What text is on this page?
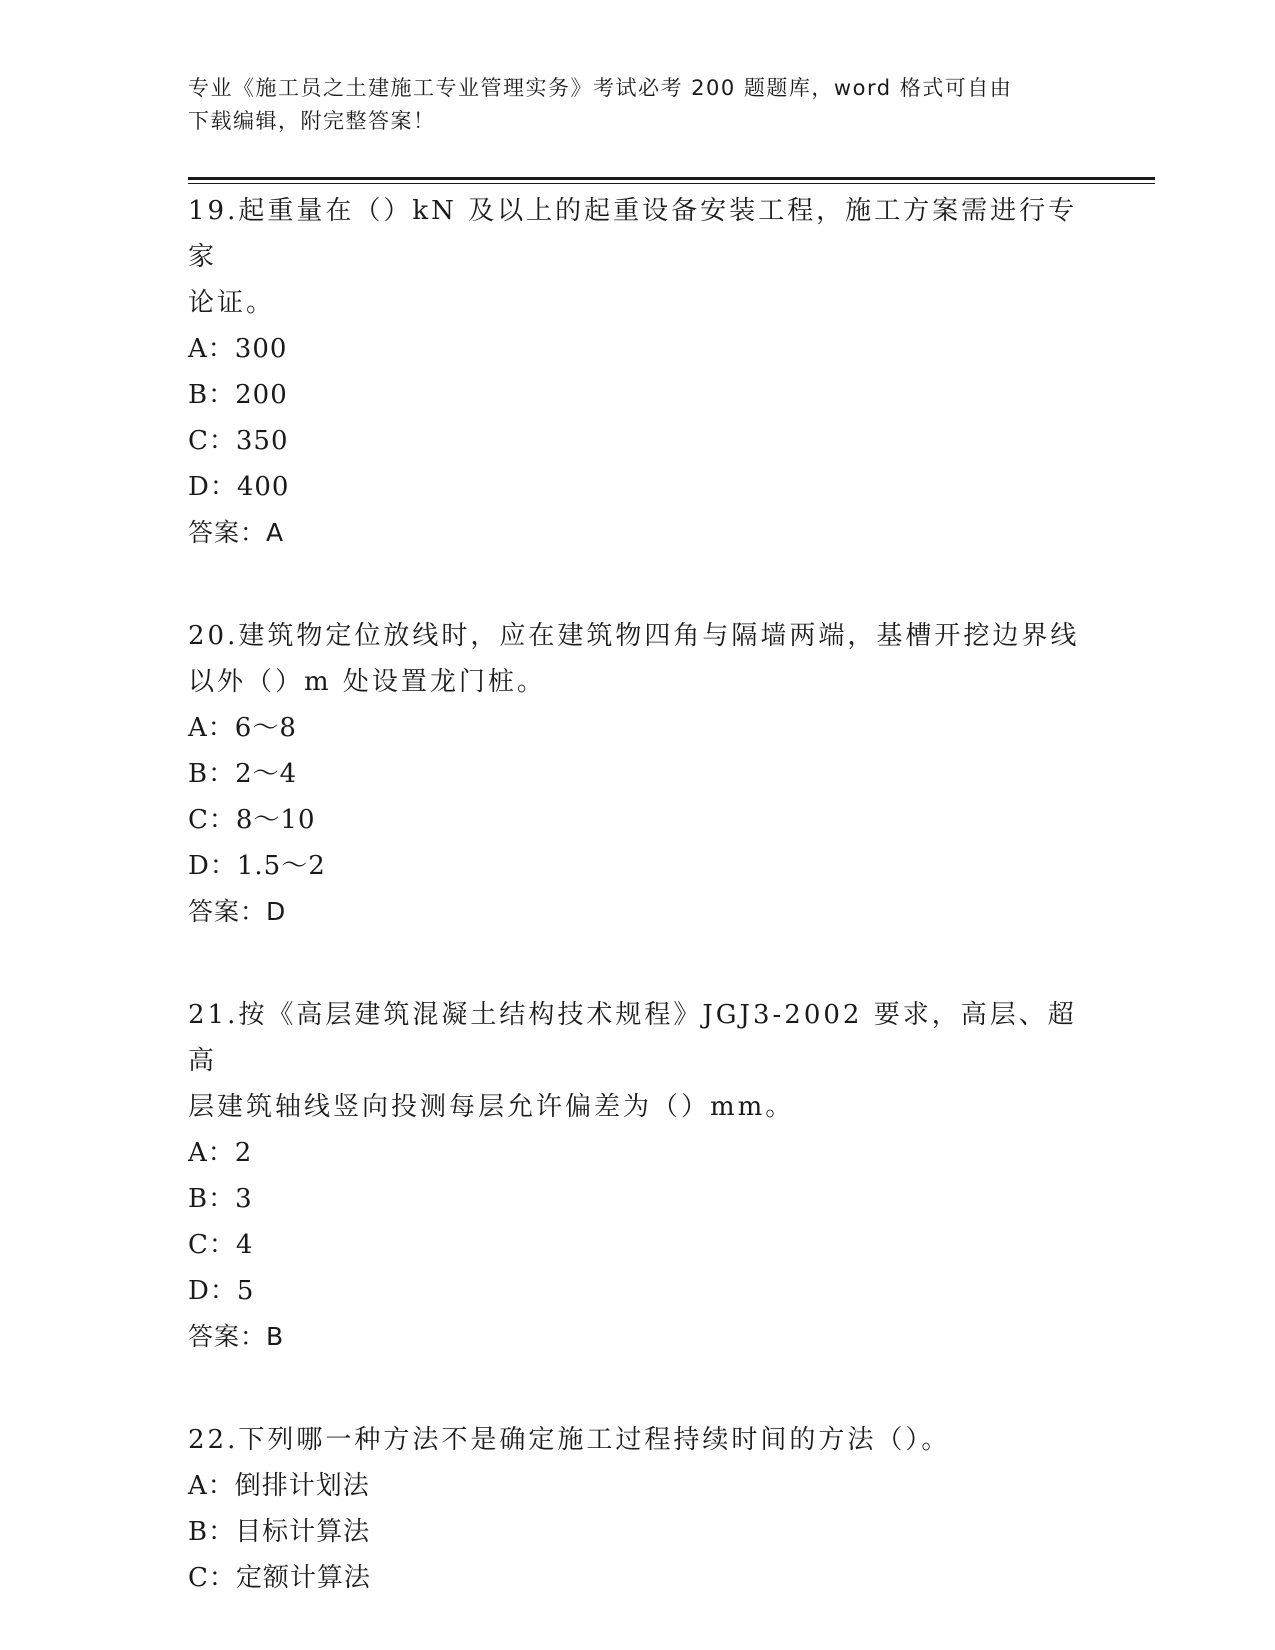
专业《施工员之土建施工专业管理实务》考试必考 200 题题库，word 格式可自由
下载编辑，附完整答案！

19.起重量在（）kN 及以上的起重设备安装工程，施工方案需进行专家

论证。

A：300

B：200

C：350

D：400

答案：A

20.建筑物定位放线时，应在建筑物四角与隔墙两端，基槽开挖边界线

以外（）m 处设置龙门桩。

A：6～8

B：2～4

C：8～10

D：1.5～2

答案：D

21.按《高层建筑混凝土结构技术规程》JGJ3-2002 要求，高层、超高

层建筑轴线竖向投测每层允许偏差为（）mm。

A：2

B：3

C：4

D：5

答案：B

22.下列哪一种方法不是确定施工过程持续时间的方法（）。

A：倒排计划法

B：目标计算法

C：定额计算法
